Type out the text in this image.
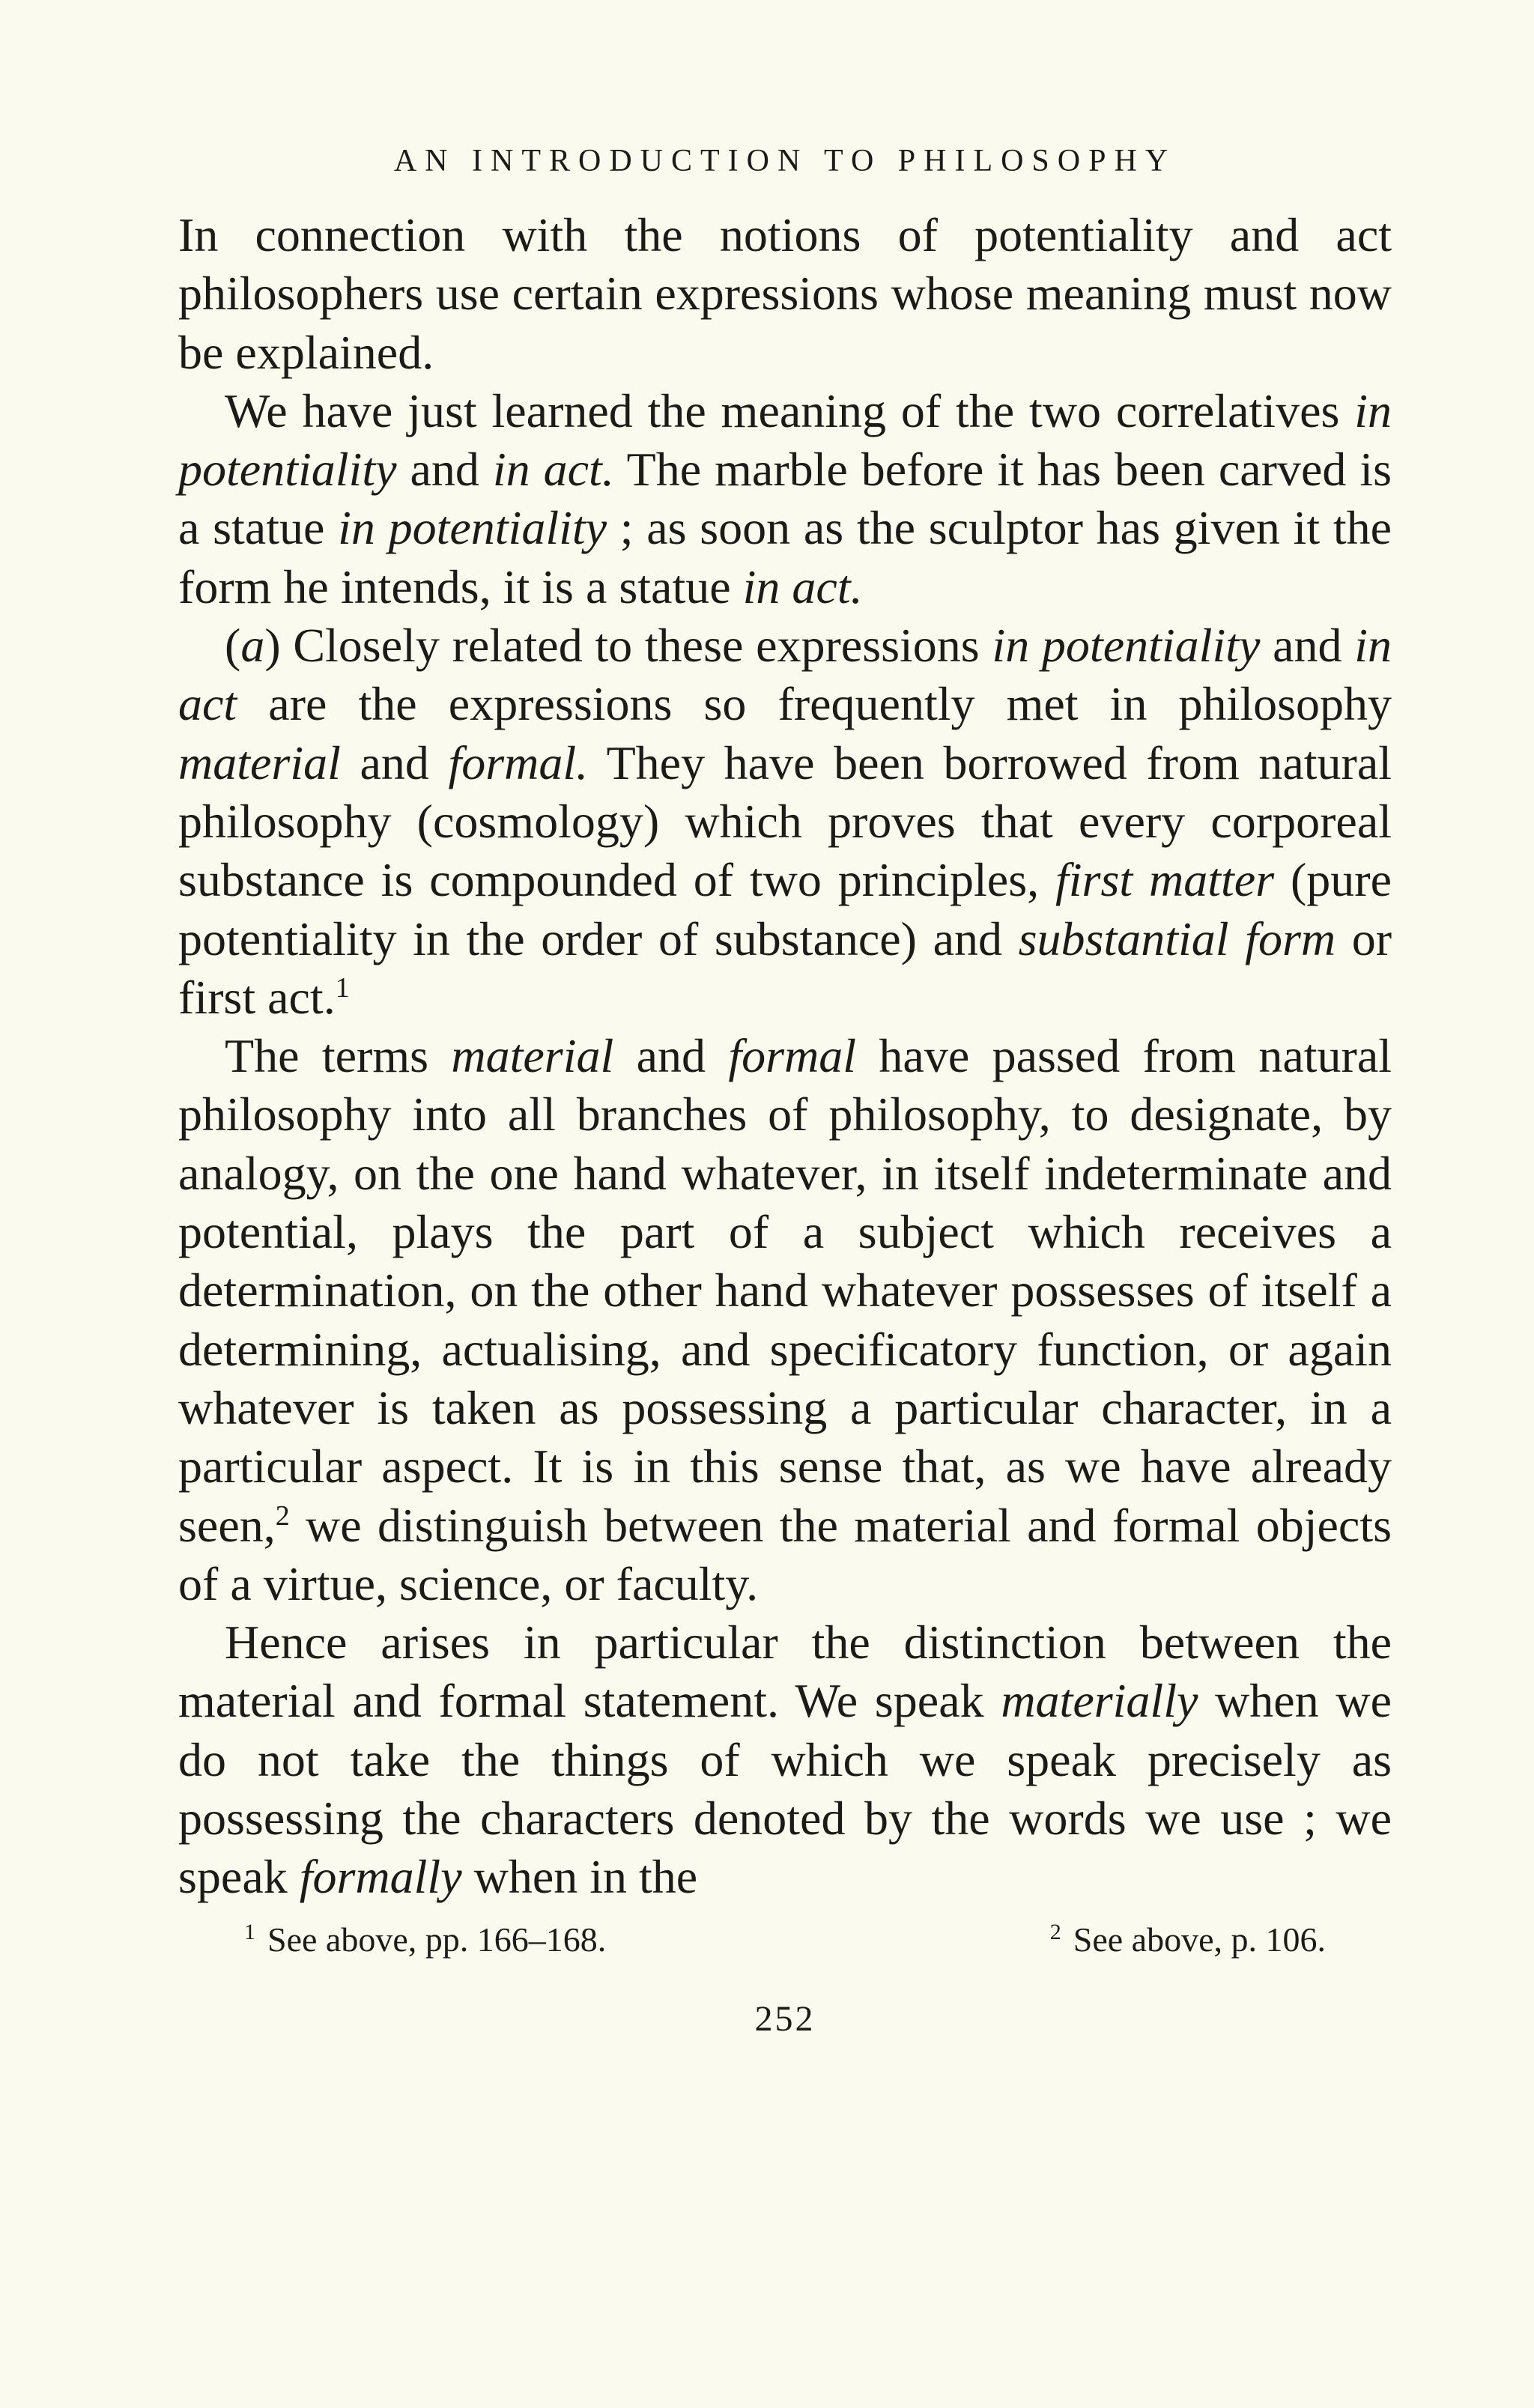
AN INTRODUCTION TO PHILOSOPHY

In connection with the notions of potentiality and act philosophers use certain expressions whose meaning must now be explained.

We have just learned the meaning of the two correlatives in potentiality and in act. The marble before it has been carved is a statue in potentiality ; as soon as the sculptor has given it the form he intends, it is a statue in act.

(a) Closely related to these expressions in potentiality and in act are the expressions so frequently met in philosophy material and formal. They have been borrowed from natural philosophy (cosmology) which proves that every corporeal substance is compounded of two principles, first matter (pure potentiality in the order of substance) and substantial form or first act.$^1$

The terms material and formal have passed from natural philosophy into all branches of philosophy, to designate, by analogy, on the one hand whatever, in itself indeterminate and potential, plays the part of a subject which receives a determination, on the other hand whatever possesses of itself a determining, actualising, and specificatory function, or again whatever is taken as possessing a particular character, in a particular aspect. It is in this sense that, as we have already seen,$^2$ we distinguish between the material and formal objects of a virtue, science, or faculty.

Hence arises in particular the distinction between the material and formal statement. We speak materially when we do not take the things of which we speak precisely as possessing the characters denoted by the words we use ; we speak formally when in the

$^1$ See above, pp. 166–168.	$^2$ See above, p. 106.
252
